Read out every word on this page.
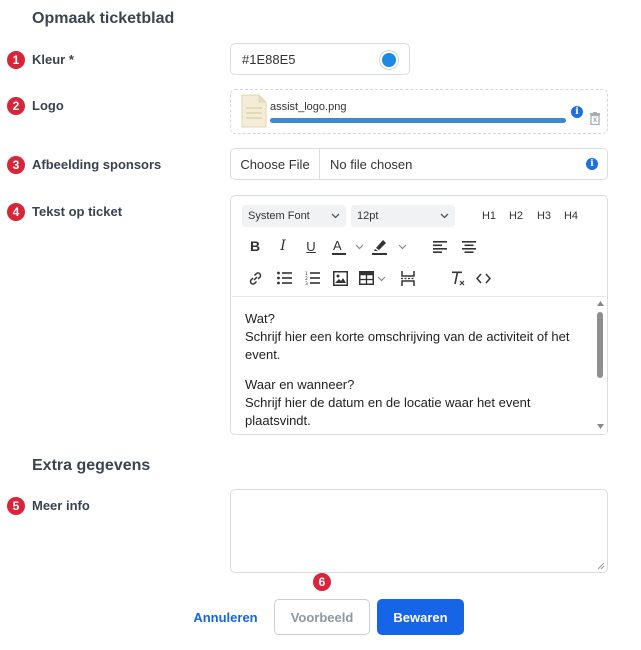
Opmaak ticketblad
1 Kleur *	#1E88E5
2 Logo	assist_logo.png	i
3 Afbeelding sponsors	Choose File	No file chosen	i
4 Tekst op ticket	System Font	12pt	H1	H2	H3	H4
B	I	U	A
1
2
3
Wat?
Schrijf hier een korte omschrijving van de activiteit of het event.
Waar en wanneer?
Schrijf hier de datum en de locatie waar het event plaatsvindt.
Extra gegevens
5 Meer info
6
Annuleren	Voorbeeld	Bewaren
